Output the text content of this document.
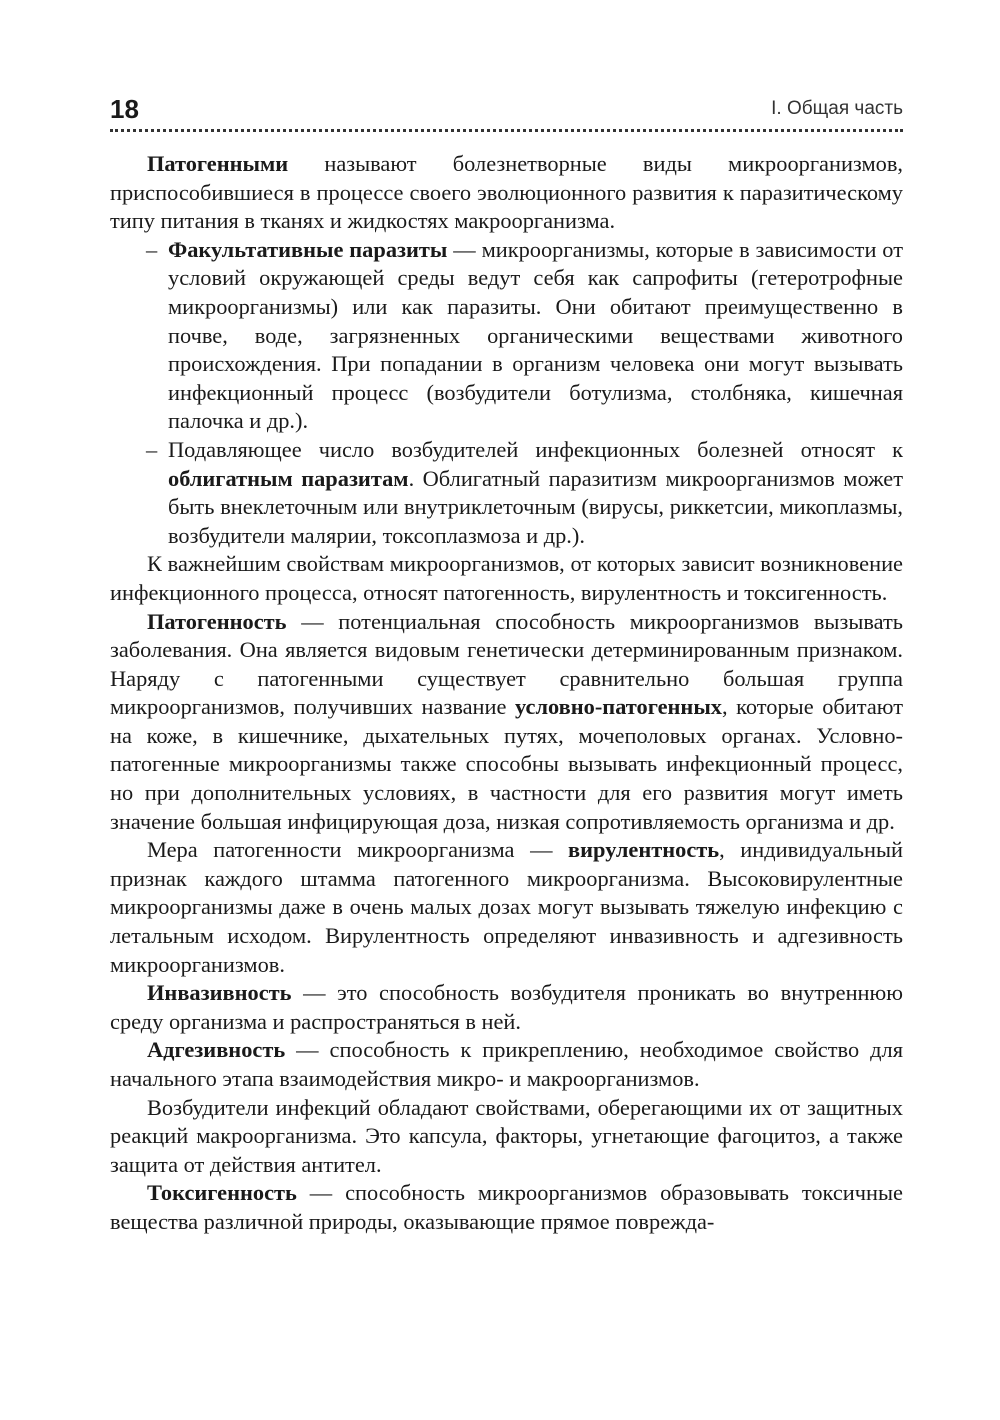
18	I. Общая часть

Патогенными называют болезнетворные виды микроорганизмов, приспособившиеся в процессе своего эволюционного развития к паразитическому типу питания в тканях и жидкостях макроорганизма.

– Факультативные паразиты — микроорганизмы, которые в зависимости от условий окружающей среды ведут себя как сапрофиты (гетеротрофные микроорганизмы) или как паразиты. Они обитают преимущественно в почве, воде, загрязненных органическими веществами животного происхождения. При попадании в организм человека они могут вызывать инфекционный процесс (возбудители ботулизма, столбняка, кишечная палочка и др.).

– Подавляющее число возбудителей инфекционных болезней относят к облигатным паразитам. Облигатный паразитизм микроорганизмов может быть внеклеточным или внутриклеточным (вирусы, риккетсии, микоплазмы, возбудители малярии, токсоплазмоза и др.).

К важнейшим свойствам микроорганизмов, от которых зависит возникновение инфекционного процесса, относят патогенность, вирулентность и токсигенность.

Патогенность — потенциальная способность микроорганизмов вызывать заболевания. Она является видовым генетически детерминированным признаком. Наряду с патогенными существует сравнительно большая группа микроорганизмов, получивших название условно-патогенных, которые обитают на коже, в кишечнике, дыхательных путях, мочеполовых органах. Условно-патогенные микроорганизмы также способны вызывать инфекционный процесс, но при дополнительных условиях, в частности для его развития могут иметь значение большая инфицирующая доза, низкая сопротивляемость организма и др.

Мера патогенности микроорганизма — вирулентность, индивидуальный признак каждого штамма патогенного микроорганизма. Высоковирулентные микроорганизмы даже в очень малых дозах могут вызывать тяжелую инфекцию с летальным исходом. Вирулентность определяют инвазивность и адгезивность микроорганизмов.

Инвазивность — это способность возбудителя проникать во внутреннюю среду организма и распространяться в ней.

Адгезивность — способность к прикреплению, необходимое свойство для начального этапа взаимодействия микро- и макроорганизмов.

Возбудители инфекций обладают свойствами, оберегающими их от защитных реакций макроорганизма. Это капсула, факторы, угнетающие фагоцитоз, а также защита от действия антител.

Токсигенность — способность микроорганизмов образовывать токсичные вещества различной природы, оказывающие прямое поврежда-
